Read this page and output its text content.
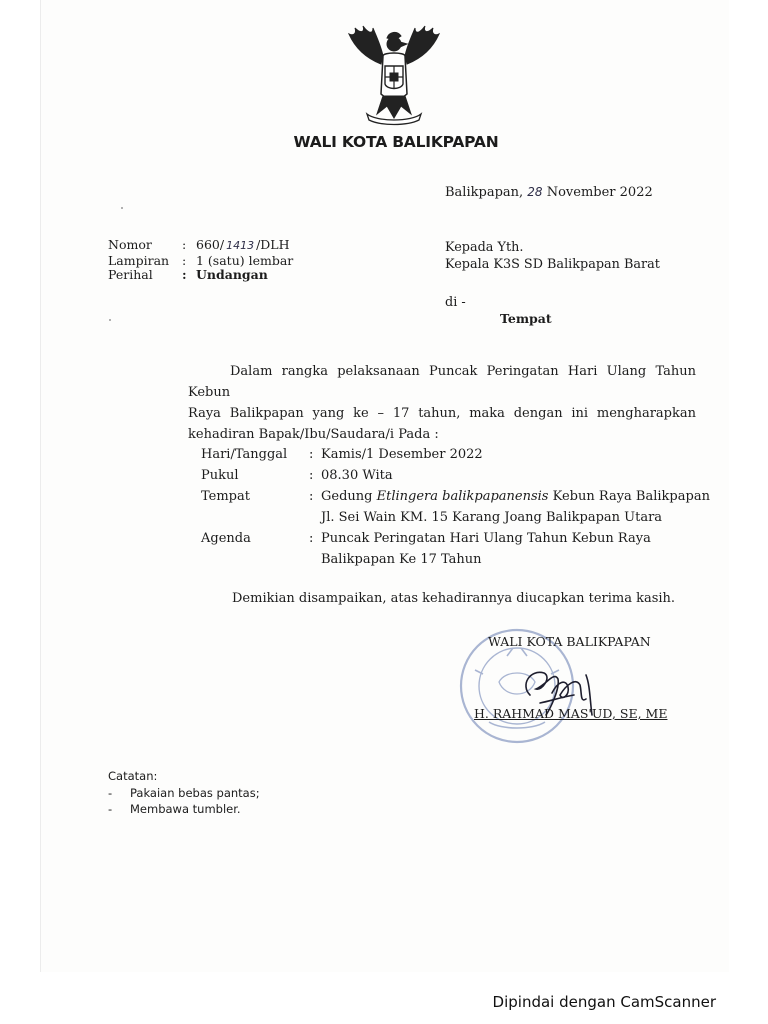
WALI KOTA BALIKPAPAN
Balikpapan, 28 November 2022
Nomor	: 660/ 1413 /DLH
Lampiran	: 1 (satu) lembar
Perihal	: Undangan
Kepada Yth.
Kepala K3S SD Balikpapan Barat
di -
Tempat
Dalam rangka pelaksanaan Puncak Peringatan Hari Ulang Tahun Kebun
Raya Balikpapan yang ke – 17 tahun, maka dengan ini mengharapkan
kehadiran Bapak/Ibu/Saudara/i Pada :
Hari/Tanggal	: Kamis/1 Desember 2022
Pukul	: 08.30 Wita
Tempat	: Gedung Etlingera balikpapanensis Kebun Raya Balikpapan
Jl. Sei Wain KM. 15 Karang Joang Balikpapan Utara
Agenda	: Puncak Peringatan Hari Ulang Tahun Kebun Raya
Balikpapan Ke 17 Tahun
Demikian disampaikan, atas kehadirannya diucapkan terima kasih.
WALI KOTA BALIKPAPAN
H. RAHMAD MAS'UD, SE, ME
Catatan:
-	Pakaian bebas pantas;
-	Membawa tumbler.
Dipindai dengan CamScanner
